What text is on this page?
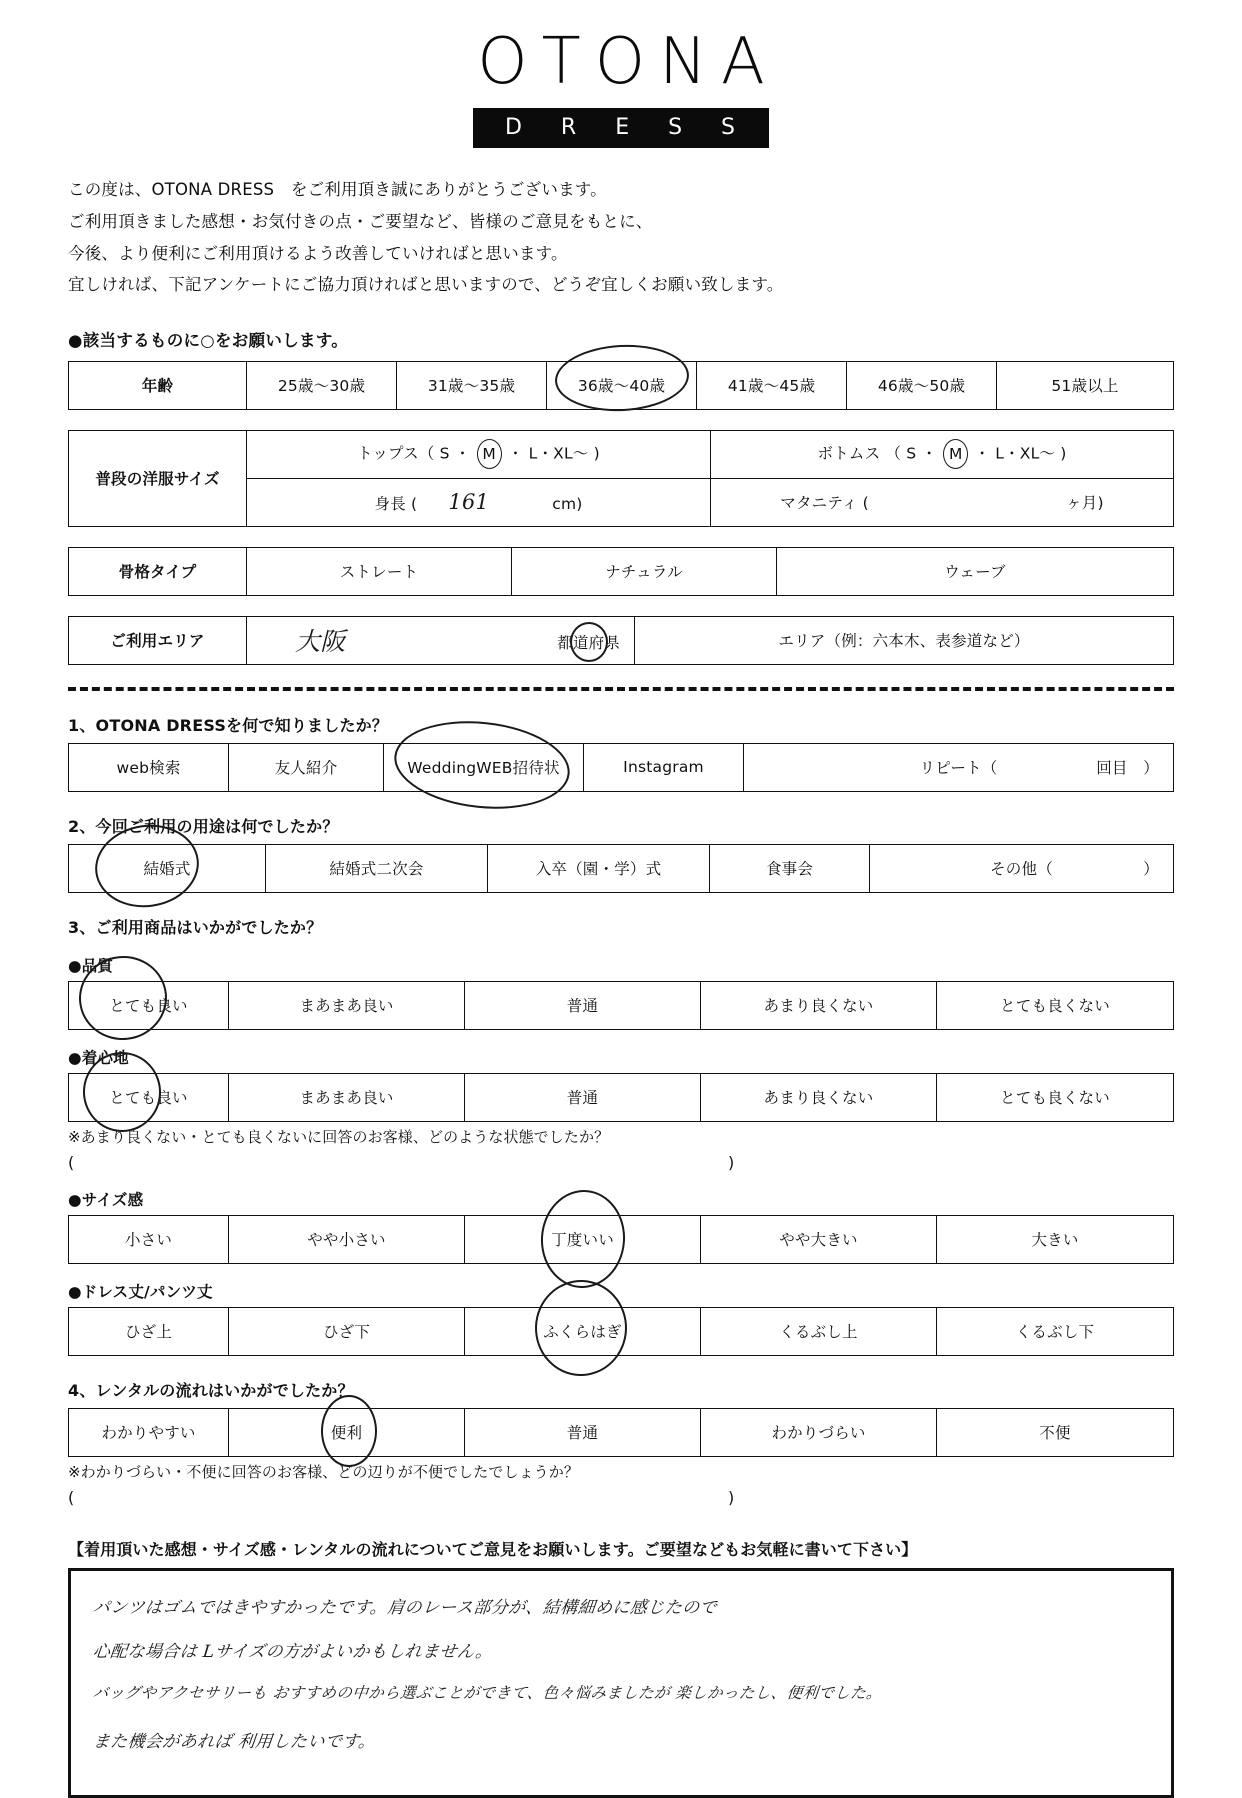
OTONA
D R E S S
この度は、OTONA DRESS　をご利用頂き誠にありがとうございます。
ご利用頂きました感想・お気付きの点・ご要望など、皆様のご意見をもとに、
今後、より便利にご利用頂けるよう改善していければと思います。
宜しければ、下記アンケートにご協力頂ければと思いますので、どうぞ宜しくお願い致します。
●該当するものに○をお願いします。
年齢	25歳～30歳	31歳～35歳	36歳～40歳	41歳～45歳	46歳～50歳	51歳以上
普段の洋服サイズ	トップス（ S ・ M ・ L・XL～ )	ボトムス （ S ・ M ・ L・XL～ )
	身長 ( 161 cm)	マタニティ ( ヶ月)
骨格タイプ	ストレート	ナチュラル	ウェーブ
ご利用エリア	大阪	都道府県	エリア（例：六本木、表参道など）
1、OTONA DRESSを何で知りましたか？
web検索	友人紹介	WeddingWEB招待状	Instagram	リピート（	回目　）
2、今回ご利用の用途は何でしたか？
結婚式	結婚式二次会	入卒（園・学）式	食事会	その他（	）
3、ご利用商品はいかがでしたか？
●品質
とても良い	まあまあ良い	普通	あまり良くない	とても良くない
●着心地
とても良い	まあまあ良い	普通	あまり良くない	とても良くない
※あまり良くない・とても良くないに回答のお客様、どのような状態でしたか？
(	)
●サイズ感
小さい	やや小さい	丁度いい	やや大きい	大きい
●ドレス丈/パンツ丈
ひざ上	ひざ下	ふくらはぎ	くるぶし上	くるぶし下
4、レンタルの流れはいかがでしたか？
わかりやすい	便利	普通	わかりづらい	不便
※わかりづらい・不便に回答のお客様、どの辺りが不便でしたでしょうか？
(	)
【着用頂いた感想・サイズ感・レンタルの流れについてご意見をお願いします。ご要望などもお気軽に書いて下さい】
パンツはゴムではきやすかったです。肩のレース部分が、結構細めに感じたので
心配な場合は Lサイズの方がよいかもしれません。
バッグやアクセサリーも おすすめの中から選ぶことができて、色々悩みましたが 楽しかったし、便利でした。
また機会があれば 利用したいです。
